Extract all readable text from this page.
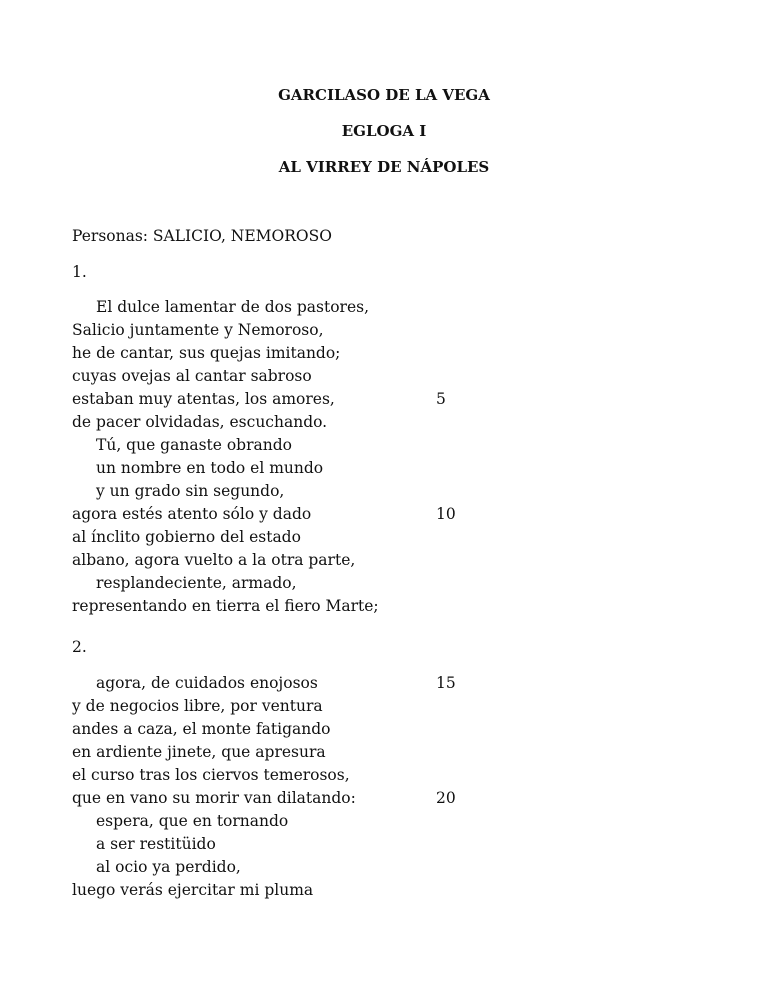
GARCILASO DE LA VEGA
EGLOGA I
AL VIRREY DE NÁPOLES
Personas: SALICIO, NEMOROSO
1.
El dulce lamentar de dos pastores,
Salicio juntamente y Nemoroso,
he de cantar, sus quejas imitando;
cuyas ovejas al cantar sabroso
estaban muy atentas, los amores,
de pacer olvidadas, escuchando.
Tú, que ganaste obrando
un nombre en todo el mundo
y un grado sin segundo,
agora estés atento sólo y dado
al ínclito gobierno del estado
albano, agora vuelto a la otra parte,
resplandeciente, armado,
representando en tierra el fiero Marte;
5
10
2.
agora, de cuidados enojosos
y de negocios libre, por ventura
andes a caza, el monte fatigando
en ardiente jinete, que apresura
el curso tras los ciervos temerosos,
que en vano su morir van dilatando:
espera, que en tornando
a ser restitüido
al ocio ya perdido,
luego verás ejercitar mi pluma
15
20
